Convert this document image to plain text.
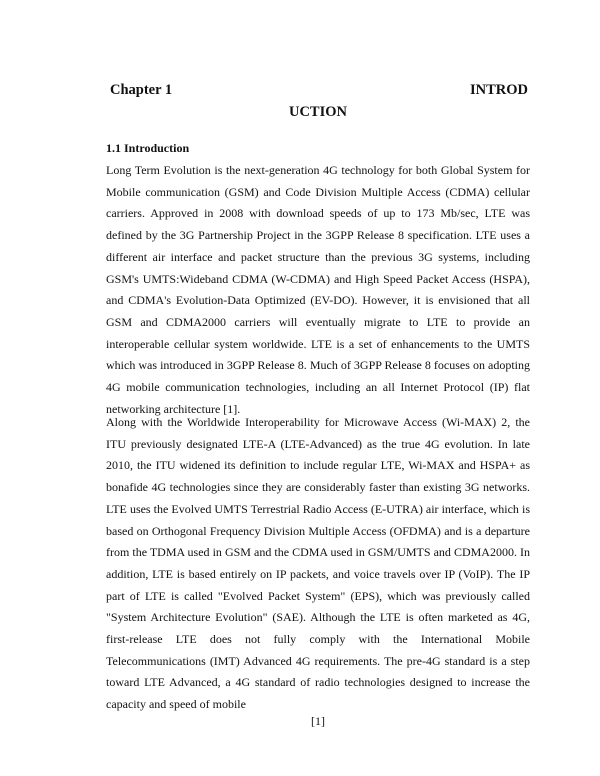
Chapter 1	INTROD
UCTION
1.1 Introduction

Long Term Evolution is the next-generation 4G technology for both Global System for Mobile communication (GSM) and Code Division Multiple Access (CDMA) cellular carriers. Approved in 2008 with download speeds of up to 173 Mb/sec, LTE was defined by the 3G Partnership Project in the 3GPP Release 8 specification. LTE uses a different air interface and packet structure than the previous 3G systems, including GSM's UMTS:Wideband CDMA (W-CDMA) and High Speed Packet Access (HSPA), and CDMA's Evolution-Data Optimized (EV-DO). However, it is envisioned that all GSM and CDMA2000 carriers will eventually migrate to LTE to provide an interoperable cellular system worldwide. LTE is a set of enhancements to the UMTS which was introduced in 3GPP Release 8. Much of 3GPP Release 8 focuses on adopting 4G mobile communication technologies, including an all Internet Protocol (IP) flat networking architecture [1].

Along with the Worldwide Interoperability for Microwave Access (Wi-MAX) 2, the ITU previously designated LTE-A (LTE-Advanced) as the true 4G evolution. In late 2010, the ITU widened its definition to include regular LTE, Wi-MAX and HSPA+ as bonafide 4G technologies since they are considerably faster than existing 3G networks. LTE uses the Evolved UMTS Terrestrial Radio Access (E-UTRA) air interface, which is based on Orthogonal Frequency Division Multiple Access (OFDMA) and is a departure from the TDMA used in GSM and the CDMA used in GSM/UMTS and CDMA2000. In addition, LTE is based entirely on IP packets, and voice travels over IP (VoIP). The IP part of LTE is called "Evolved Packet System" (EPS), which was previously called "System Architecture Evolution" (SAE). Although the LTE is often marketed as 4G, first-release LTE does not fully comply with the International Mobile Telecommunications (IMT) Advanced 4G requirements. The pre-4G standard is a step toward LTE Advanced, a 4G standard of radio technologies designed to increase the capacity and speed of mobile

[1]
